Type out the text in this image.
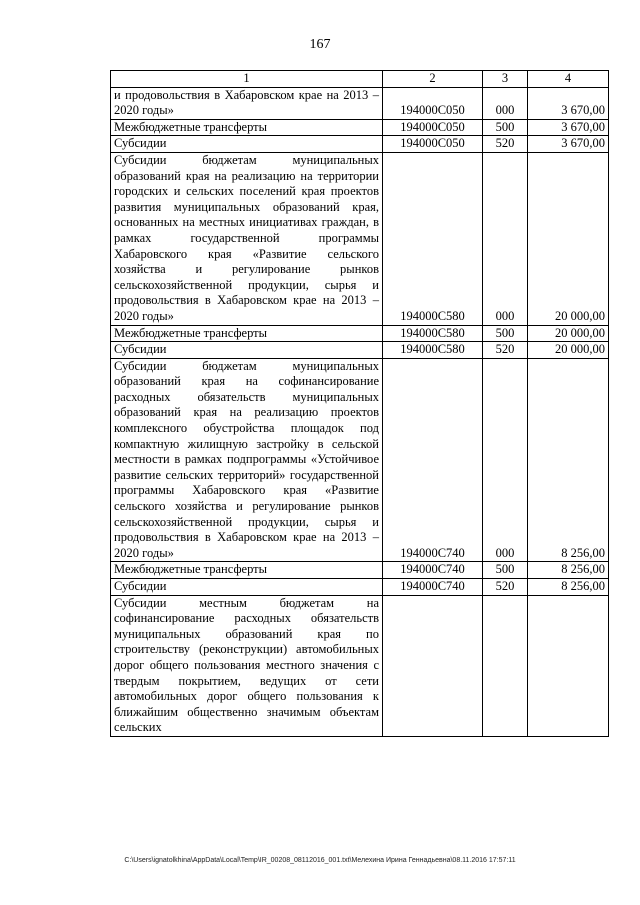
167
1	2	3	4
и продовольствия в Хабаровском крае на 2013 – 2020 годы»	194000С050	000	3 670,00
Межбюджетные трансферты	194000С050	500	3 670,00
Субсидии	194000С050	520	3 670,00
Субсидии бюджетам муниципальных образований края на реализацию на территории городских и сельских поселений края проектов развития муниципальных образований края, основанных на местных инициативах граждан, в рамках государственной программы Хабаровского края «Развитие сельского хозяйства и регулирование рынков сельскохозяйственной продукции, сырья и продовольствия в Хабаровском крае на 2013 – 2020 годы»	194000С580	000	20 000,00
Межбюджетные трансферты	194000С580	500	20 000,00
Субсидии	194000С580	520	20 000,00
Субсидии бюджетам муниципальных образований края на софинансирование расходных обязательств муниципальных образований края на реализацию проектов комплексного обустройства площадок под компактную жилищную застройку в сельской местности в рамках подпрограммы «Устойчивое развитие сельских территорий» государственной программы Хабаровского края «Развитие сельского хозяйства и регулирование рынков сельскохозяйственной продукции, сырья и продовольствия в Хабаровском крае на 2013 – 2020 годы»	194000С740	000	8 256,00
Межбюджетные трансферты	194000С740	500	8 256,00
Субсидии	194000С740	520	8 256,00
Субсидии местным бюджетам на софинансирование расходных обязательств муниципальных образований края по строительству (реконструкции) автомобильных дорог общего пользования местного значения с твердым покрытием, ведущих от сети автомобильных дорог общего пользования к ближайшим общественно значимым объектам сельских			
C:\Users\ignatolkhina\AppData\Local\Temp\IR_00208_08112016_001.txt\Мелехина Ирина Геннадьевна\08.11.2016 17:57:11
